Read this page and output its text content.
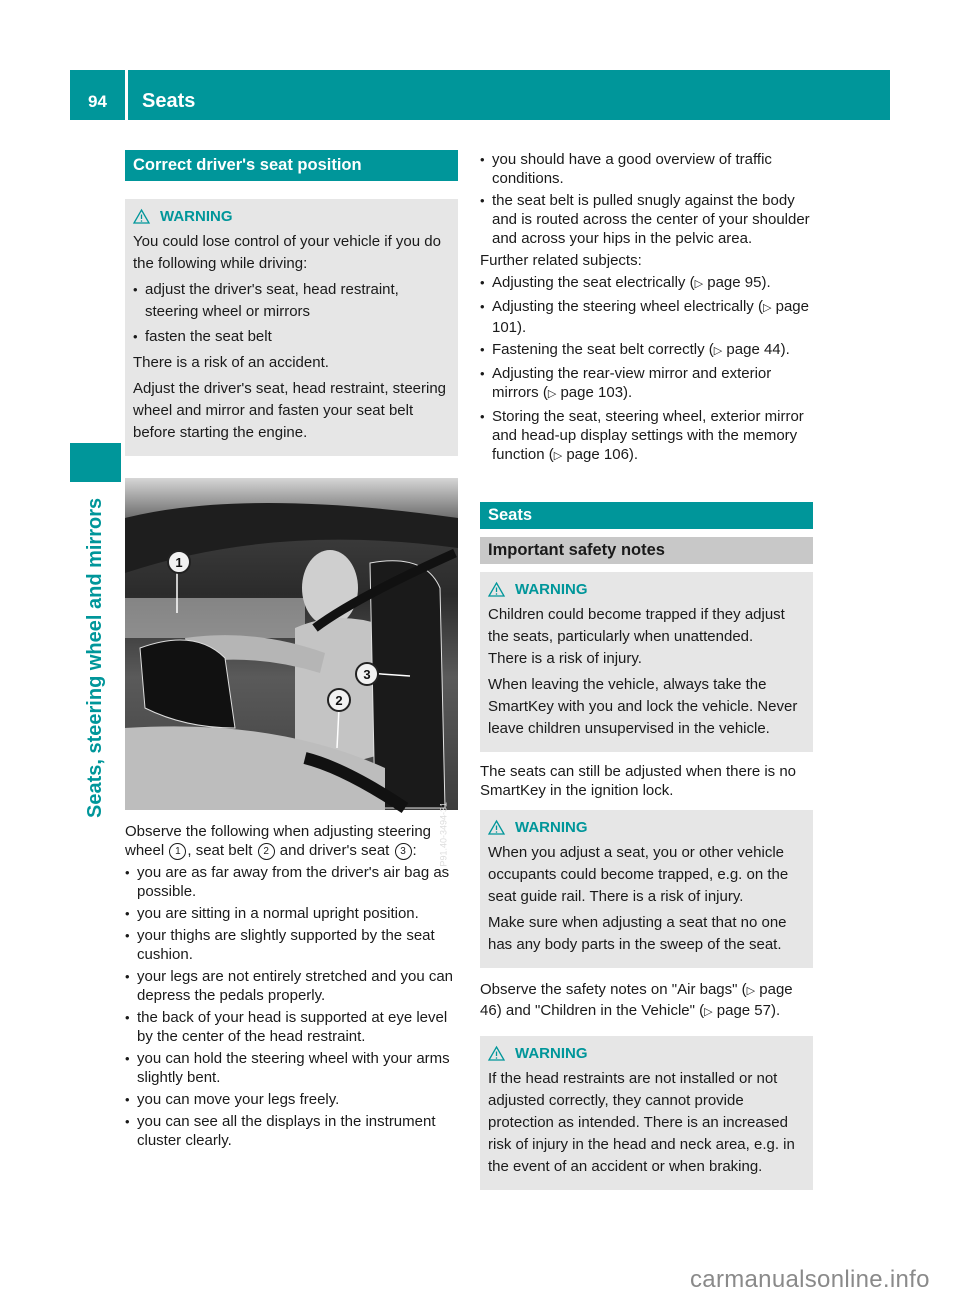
94 Seats
Seats, steering wheel and mirrors
Correct driver's seat position
WARNING

You could lose control of your vehicle if you do the following while driving:

• adjust the driver's seat, head restraint, steering wheel or mirrors
• fasten the seat belt

There is a risk of an accident.

Adjust the driver's seat, head restraint, steering wheel and mirror and fasten your seat belt before starting the engine.

1
3
2
P91.40-3494-31

Observe the following when adjusting steering wheel 1 , seat belt 2 and driver's seat 3 :

• you are as far away from the driver's air bag as possible.
• you are sitting in a normal upright position.
• your thighs are slightly supported by the seat cushion.
• your legs are not entirely stretched and you can depress the pedals properly.
• the back of your head is supported at eye level by the center of the head restraint.
• you can hold the steering wheel with your arms slightly bent.
• you can move your legs freely.
• you can see all the displays in the instrument cluster clearly.
• you should have a good overview of traffic conditions.
• the seat belt is pulled snugly against the body and is routed across the center of your shoulder and across your hips in the pelvic area.

Further related subjects:

• Adjusting the seat electrically (▷ page 95).
• Adjusting the steering wheel electrically (▷ page 101).
• Fastening the seat belt correctly (▷ page 44).
• Adjusting the rear-view mirror and exterior mirrors (▷ page 103).
• Storing the seat, steering wheel, exterior mirror and head-up display settings with the memory function (▷ page 106).
Seats
Important safety notes
WARNING

Children could become trapped if they adjust the seats, particularly when unattended.

There is a risk of injury.

When leaving the vehicle, always take the SmartKey with you and lock the vehicle. Never leave children unsupervised in the vehicle.

The seats can still be adjusted when there is no SmartKey in the ignition lock.

WARNING

When you adjust a seat, you or other vehicle occupants could become trapped, e.g. on the seat guide rail. There is a risk of injury.

Make sure when adjusting a seat that no one has any body parts in the sweep of the seat.

Observe the safety notes on "Air bags" (▷ page 46) and "Children in the Vehicle" (▷ page 57).

WARNING

If the head restraints are not installed or not adjusted correctly, they cannot provide protection as intended. There is an increased risk of injury in the head and neck area, e.g. in the event of an accident or when braking.

carmanualsonline.info
